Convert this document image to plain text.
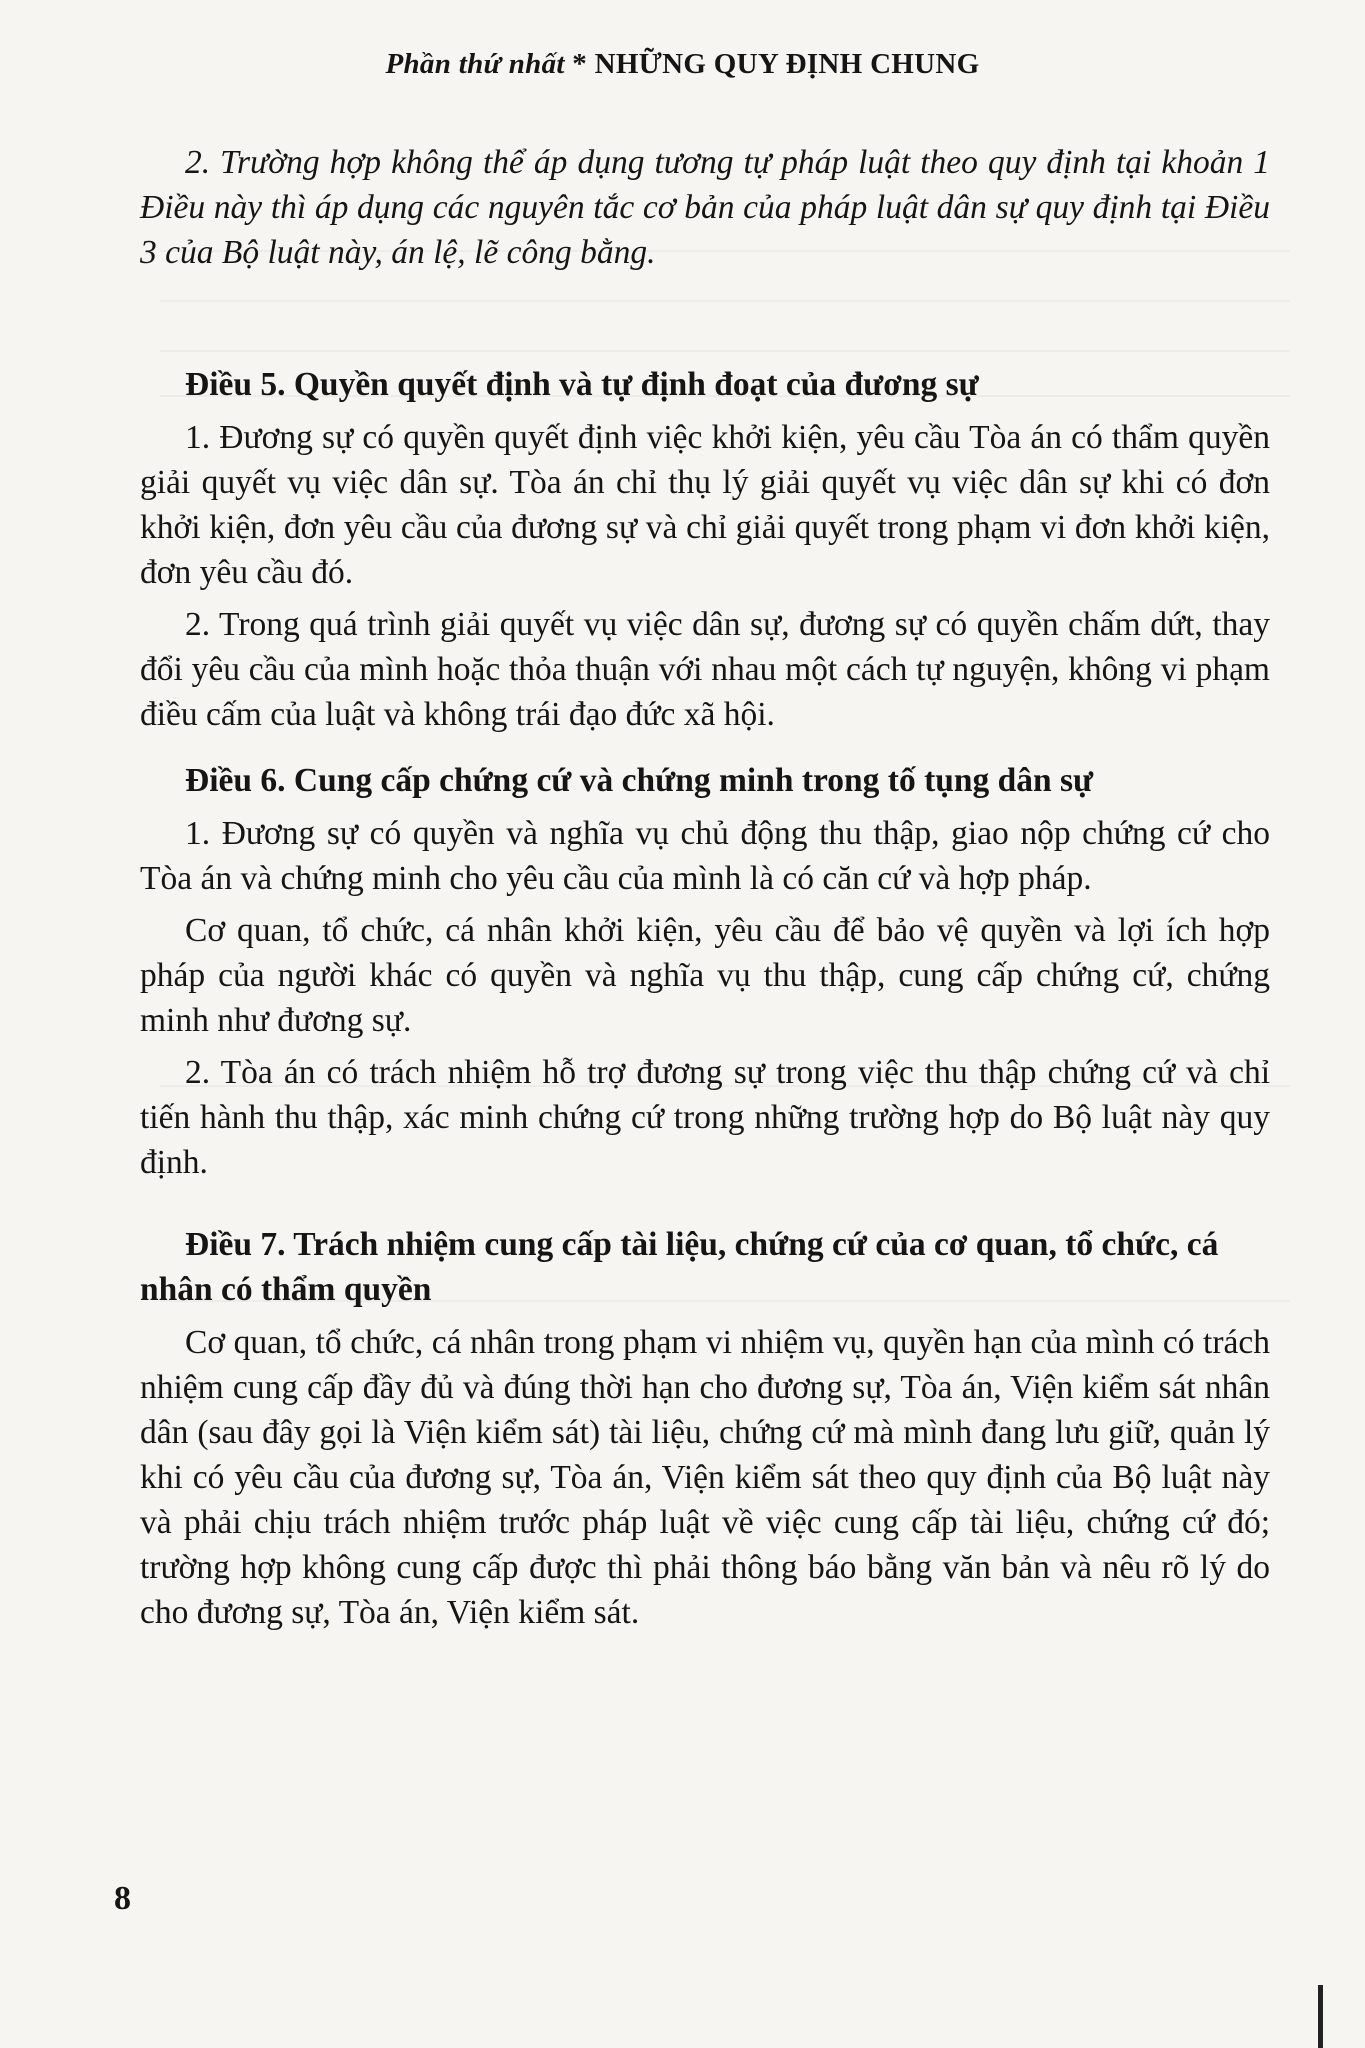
Phần thứ nhất * NHỮNG QUY ĐỊNH CHUNG

2. Trường hợp không thể áp dụng tương tự pháp luật theo quy định tại khoản 1 Điều này thì áp dụng các nguyên tắc cơ bản của pháp luật dân sự quy định tại Điều 3 của Bộ luật này, án lệ, lẽ công bằng.

Điều 5. Quyền quyết định và tự định đoạt của đương sự

1. Đương sự có quyền quyết định việc khởi kiện, yêu cầu Tòa án có thẩm quyền giải quyết vụ việc dân sự. Tòa án chỉ thụ lý giải quyết vụ việc dân sự khi có đơn khởi kiện, đơn yêu cầu của đương sự và chỉ giải quyết trong phạm vi đơn khởi kiện, đơn yêu cầu đó.

2. Trong quá trình giải quyết vụ việc dân sự, đương sự có quyền chấm dứt, thay đổi yêu cầu của mình hoặc thỏa thuận với nhau một cách tự nguyện, không vi phạm điều cấm của luật và không trái đạo đức xã hội.

Điều 6. Cung cấp chứng cứ và chứng minh trong tố tụng dân sự

1. Đương sự có quyền và nghĩa vụ chủ động thu thập, giao nộp chứng cứ cho Tòa án và chứng minh cho yêu cầu của mình là có căn cứ và hợp pháp.

Cơ quan, tổ chức, cá nhân khởi kiện, yêu cầu để bảo vệ quyền và lợi ích hợp pháp của người khác có quyền và nghĩa vụ thu thập, cung cấp chứng cứ, chứng minh như đương sự.

2. Tòa án có trách nhiệm hỗ trợ đương sự trong việc thu thập chứng cứ và chỉ tiến hành thu thập, xác minh chứng cứ trong những trường hợp do Bộ luật này quy định.

Điều 7. Trách nhiệm cung cấp tài liệu, chứng cứ của cơ quan, tổ chức, cá nhân có thẩm quyền

Cơ quan, tổ chức, cá nhân trong phạm vi nhiệm vụ, quyền hạn của mình có trách nhiệm cung cấp đầy đủ và đúng thời hạn cho đương sự, Tòa án, Viện kiểm sát nhân dân (sau đây gọi là Viện kiểm sát) tài liệu, chứng cứ mà mình đang lưu giữ, quản lý khi có yêu cầu của đương sự, Tòa án, Viện kiểm sát theo quy định của Bộ luật này và phải chịu trách nhiệm trước pháp luật về việc cung cấp tài liệu, chứng cứ đó; trường hợp không cung cấp được thì phải thông báo bằng văn bản và nêu rõ lý do cho đương sự, Tòa án, Viện kiểm sát.

8
